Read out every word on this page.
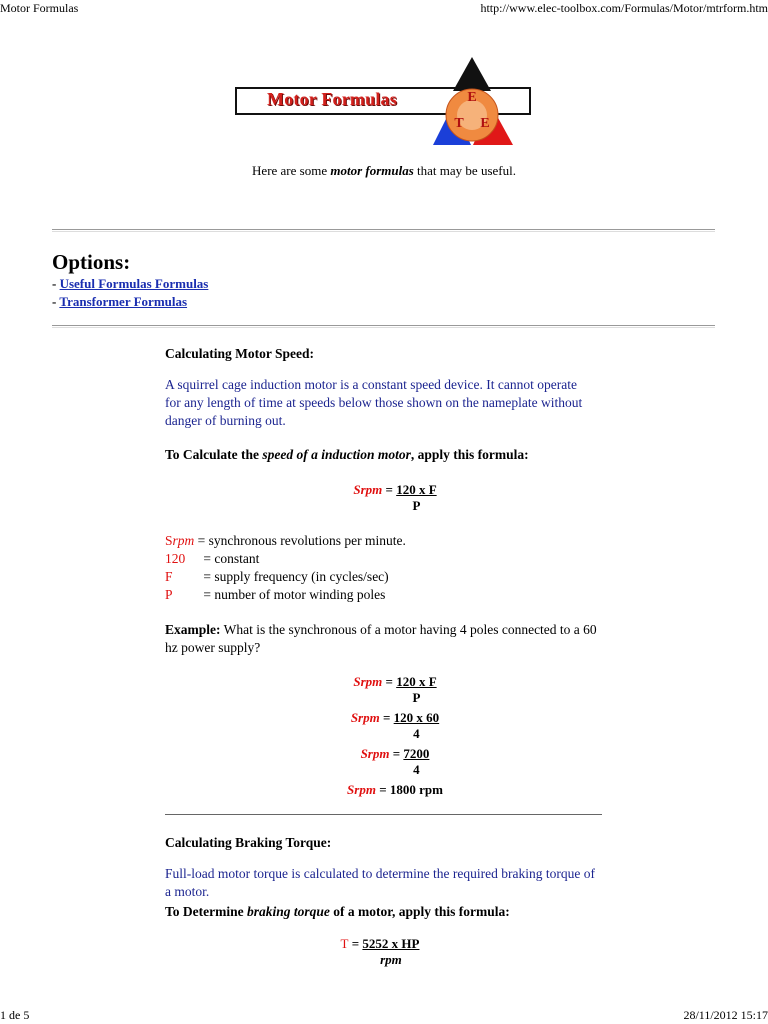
Motor Formulas	http://www.elec-toolbox.com/Formulas/Motor/mtrform.htm
1 de 5	28/11/2012 15:17
Motor Formulas	E
T E
Here are some motor formulas that may be useful.
Options:
- Useful Formulas Formulas
- Transformer Formulas
Calculating Motor Speed:
A squirrel cage induction motor is a constant speed device. It cannot operate for any length of time at speeds below those shown on the nameplate without danger of burning out.
To Calculate the speed of a induction motor, apply this formula:
Srpm = $\frac{\text{120 x F}}{P}$
Srpm = synchronous revolutions per minute.
120 = constant
F = supply frequency (in cycles/sec)
P = number of motor winding poles
Example: What is the synchronous of a motor having 4 poles connected to a 60 hz power supply?
Srpm = $\frac{\text{120 x F}}{P}$
Srpm = $\frac{120 x 60}{4}$
Srpm = $\frac{7200}{4}$
Srpm = 1800 rpm
Calculating Braking Torque:
Full-load motor torque is calculated to determine the required braking torque of a motor.
To Determine braking torque of a motor, apply this formula:
$T = \frac{\text{5252 x HP}}{\text{rpm}}$
